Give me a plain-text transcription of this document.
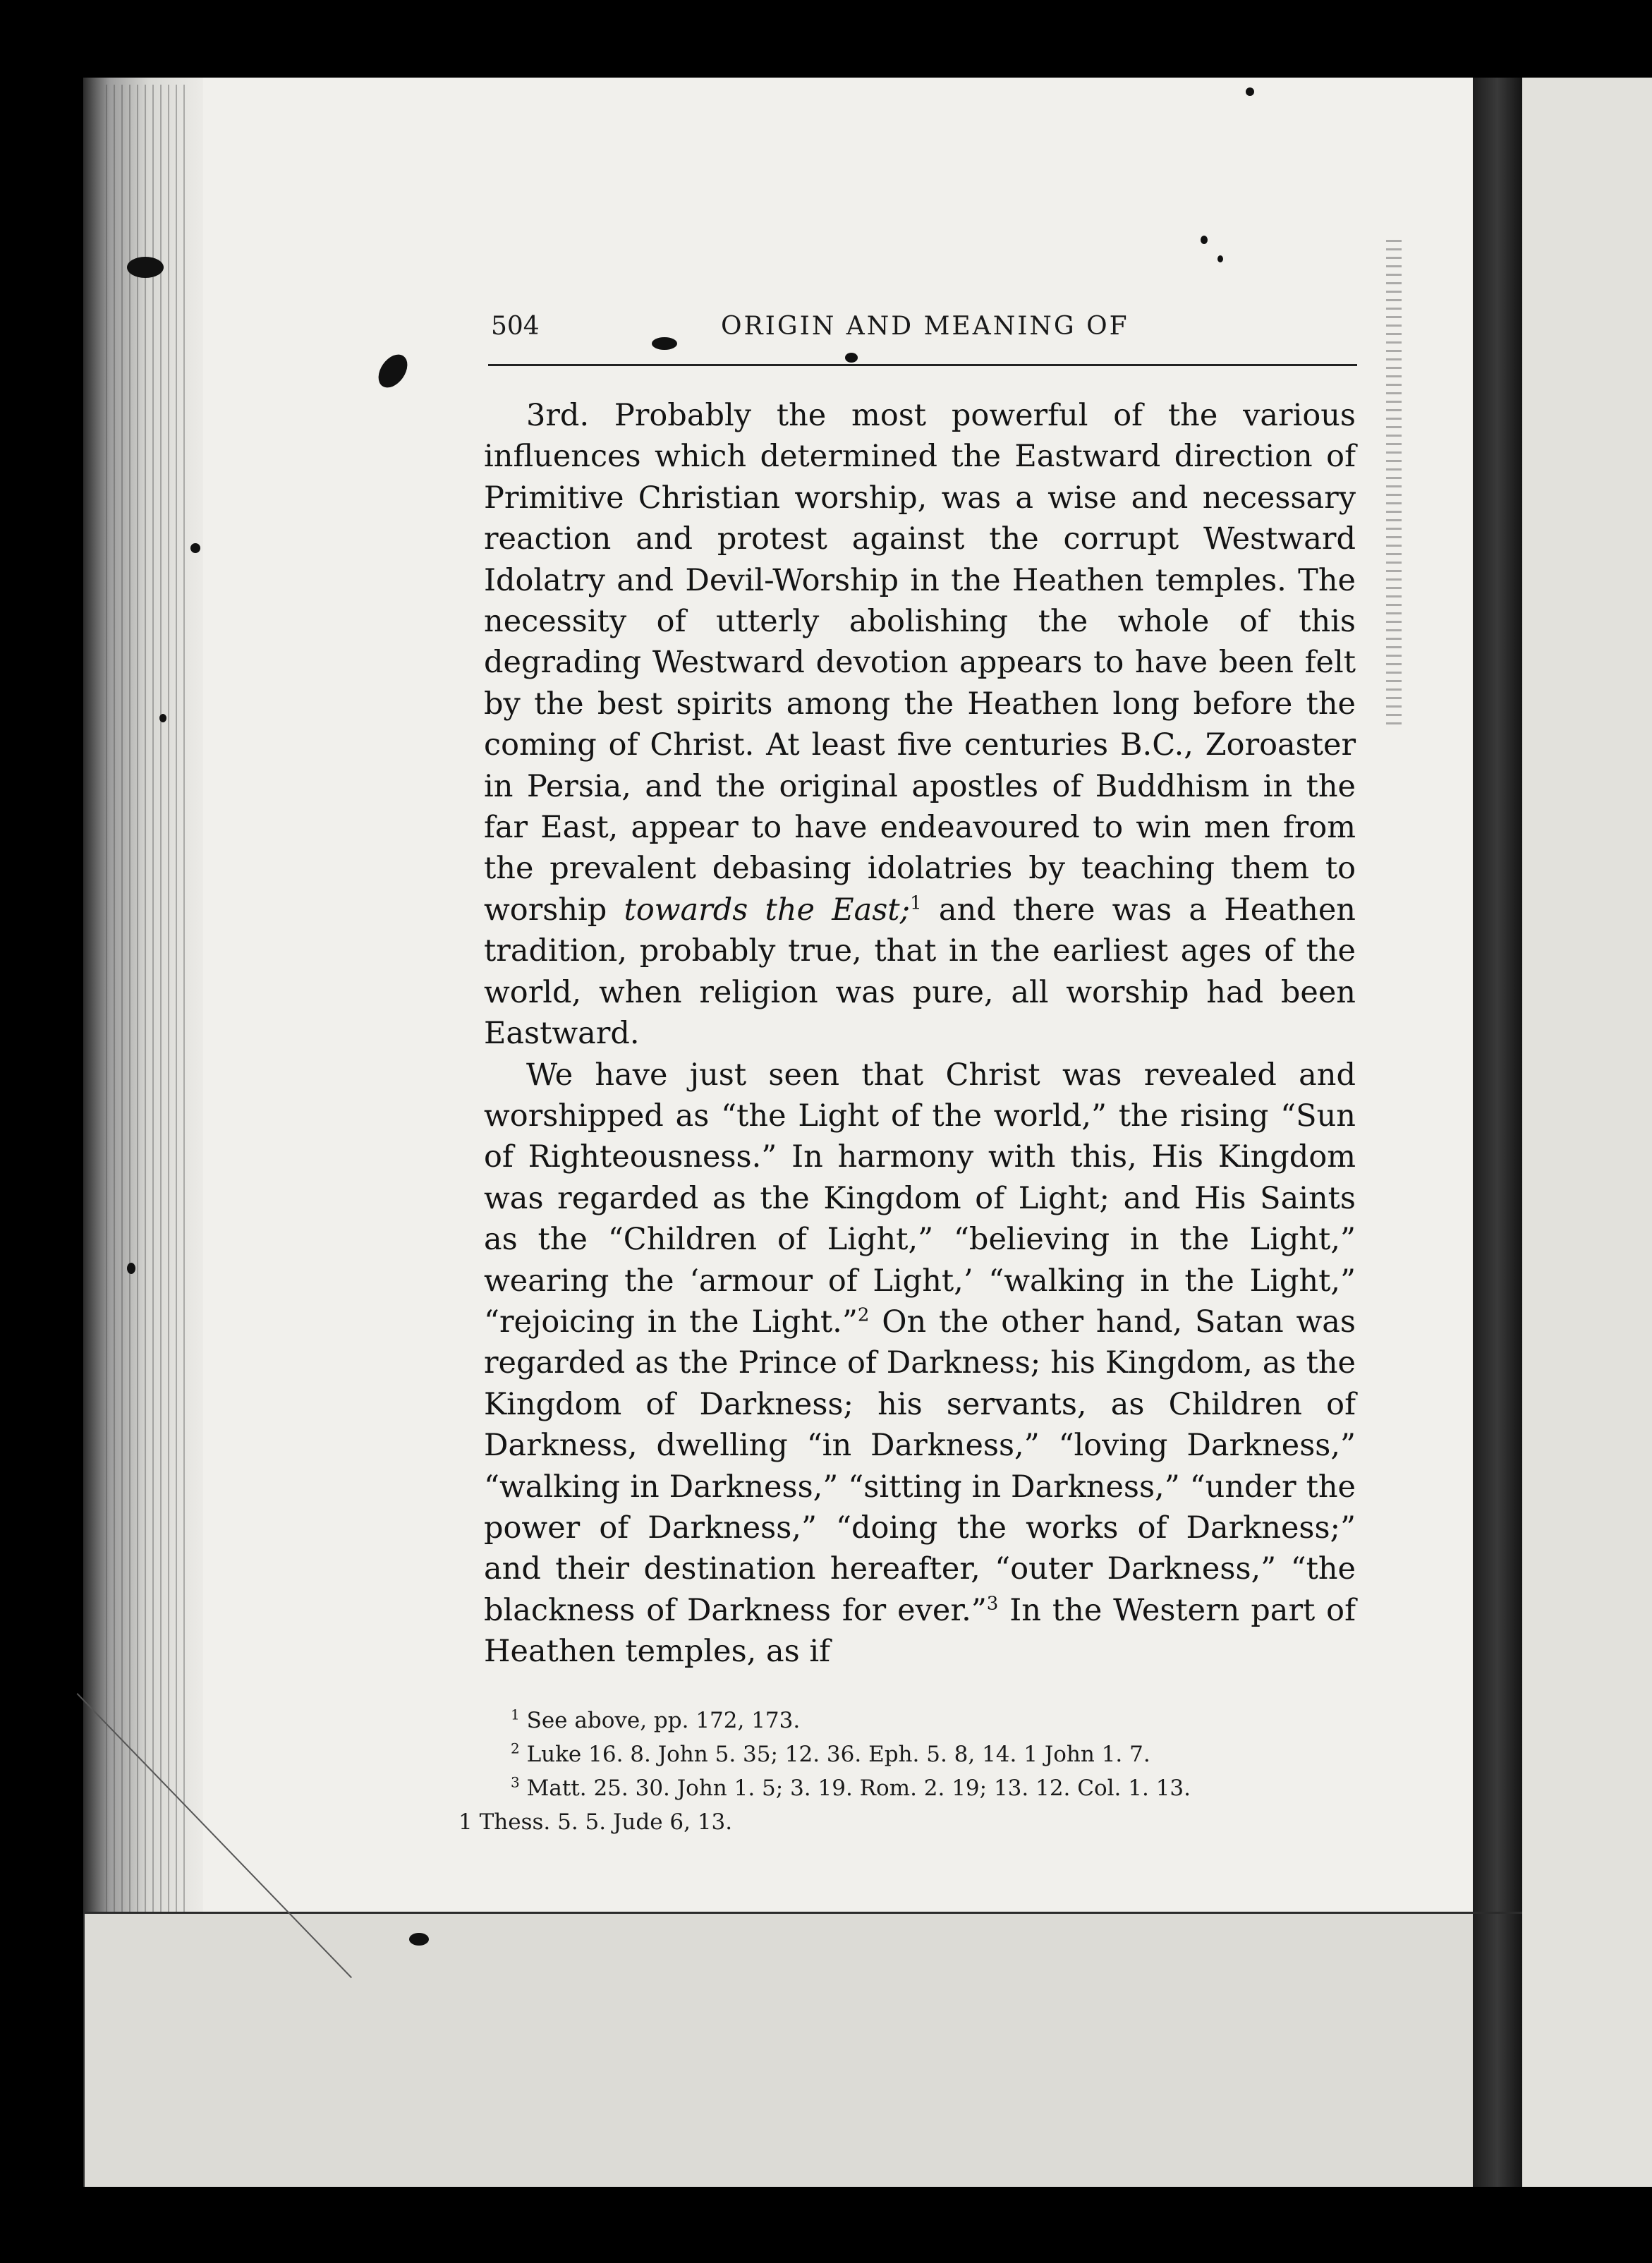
504	ORIGIN AND MEANING OF

3rd. Probably the most powerful of the various influences which determined the Eastward direction of Primitive Christian worship, was a wise and necessary reaction and protest against the corrupt Westward Idolatry and Devil-Worship in the Heathen temples. The necessity of utterly abolishing the whole of this degrading Westward devotion appears to have been felt by the best spirits among the Heathen long before the coming of Christ. At least five centuries B.C., Zoroaster in Persia, and the original apostles of Buddhism in the far East, appear to have endeavoured to win men from the prevalent debasing idolatries by teaching them to worship towards the East;$^1$ and there was a Heathen tradition, probably true, that in the earliest ages of the world, when religion was pure, all worship had been Eastward.

We have just seen that Christ was revealed and worshipped as “the Light of the world,” the rising “Sun of Righteousness.” In harmony with this, His Kingdom was regarded as the Kingdom of Light; and His Saints as the “Children of Light,” “believing in the Light,” wearing the ‘armour of Light,’ “walking in the Light,” “rejoicing in the Light.”$^2$ On the other hand, Satan was regarded as the Prince of Darkness; his Kingdom, as the Kingdom of Darkness; his servants, as Children of Darkness, dwelling “in Darkness,” “loving Darkness,” “walking in Darkness,” “sitting in Darkness,” “under the power of Darkness,” “doing the works of Darkness;” and their destination hereafter, “outer Darkness,” “the blackness of Darkness for ever.”$^3$ In the Western part of Heathen temples, as if

$^1$ See above, pp. 172, 173.
$^2$ Luke 16. 8. John 5. 35; 12. 36. Eph. 5. 8, 14. 1 John 1. 7.
$^3$ Matt. 25. 30. John 1. 5; 3. 19. Rom. 2. 19; 13. 12. Col. 1. 13.
1 Thess. 5. 5. Jude 6, 13.
